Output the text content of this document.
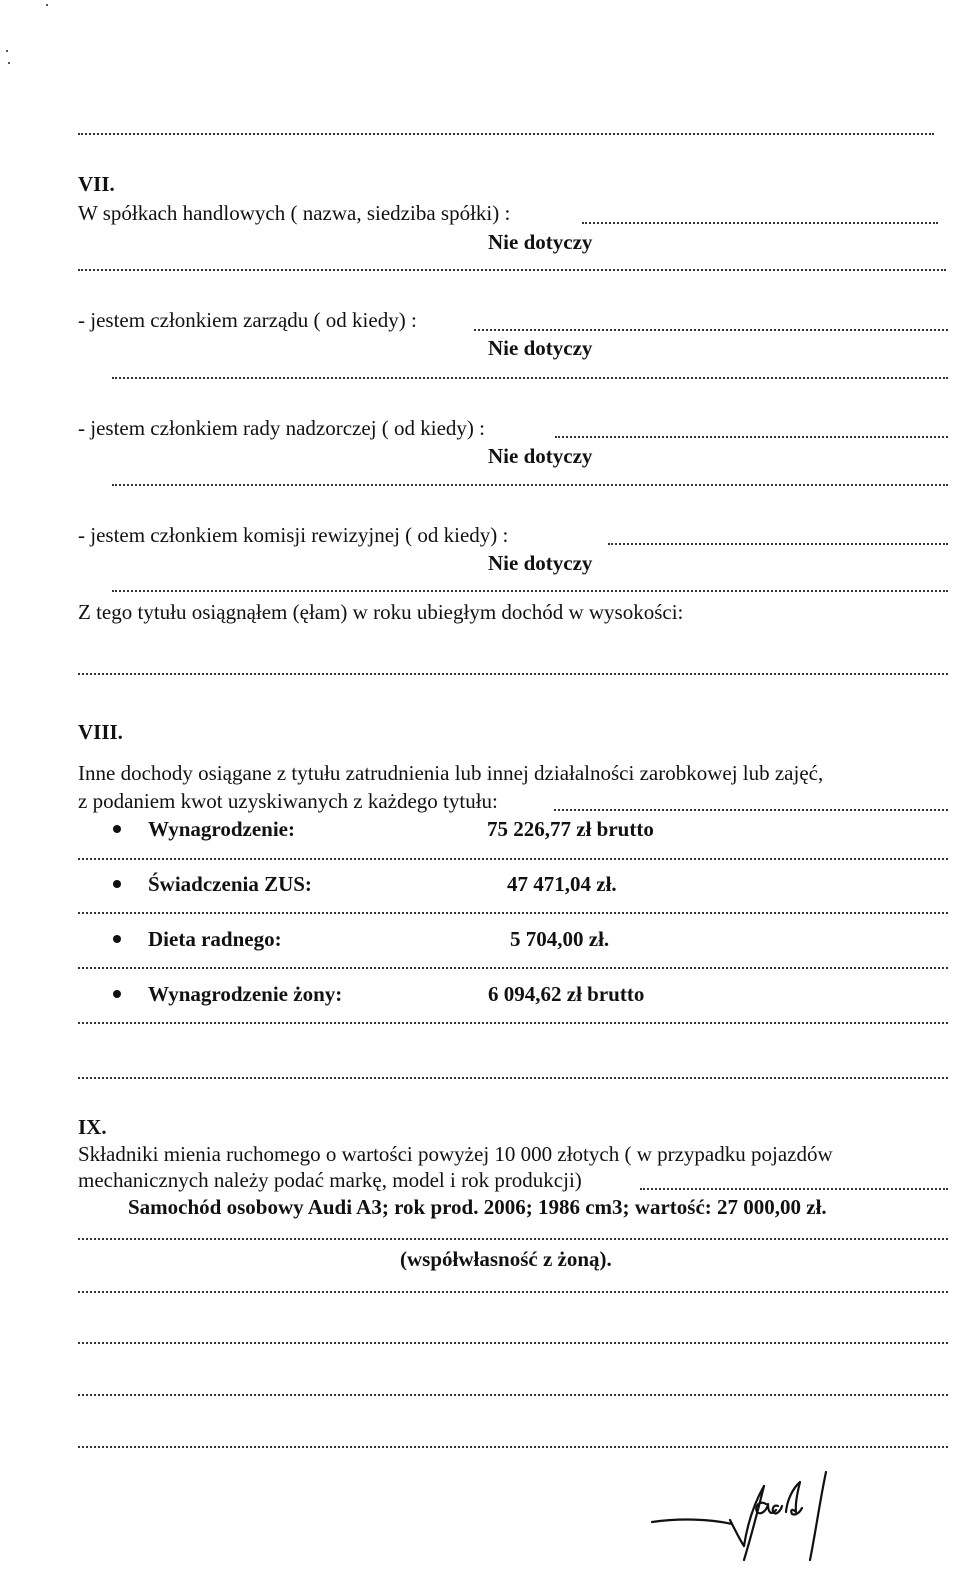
VII.
W spółkach handlowych ( nazwa, siedziba spółki) :
Nie dotyczy
- jestem członkiem zarządu ( od kiedy) :
Nie dotyczy
- jestem członkiem rady nadzorczej ( od kiedy) :
Nie dotyczy
- jestem członkiem komisji rewizyjnej ( od kiedy) :
Nie dotyczy
Z tego tytułu osiągnąłem (ęłam) w roku ubiegłym dochód w wysokości:
VIII.
Inne dochody osiągane z tytułu zatrudnienia lub innej działalności zarobkowej lub zajęć,
z podaniem kwot uzyskiwanych z każdego tytułu:
Wynagrodzenie:	75 226,77 zł brutto
Świadczenia ZUS:	47 471,04 zł.
Dieta radnego:	5 704,00 zł.
Wynagrodzenie żony:	6 094,62 zł brutto
IX.
Składniki mienia ruchomego o wartości powyżej 10 000 złotych ( w przypadku pojazdów
mechanicznych należy podać markę, model i rok produkcji)
Samochód osobowy Audi A3; rok prod. 2006; 1986 cm3; wartość: 27 000,00 zł.
(współwłasność z żoną).
